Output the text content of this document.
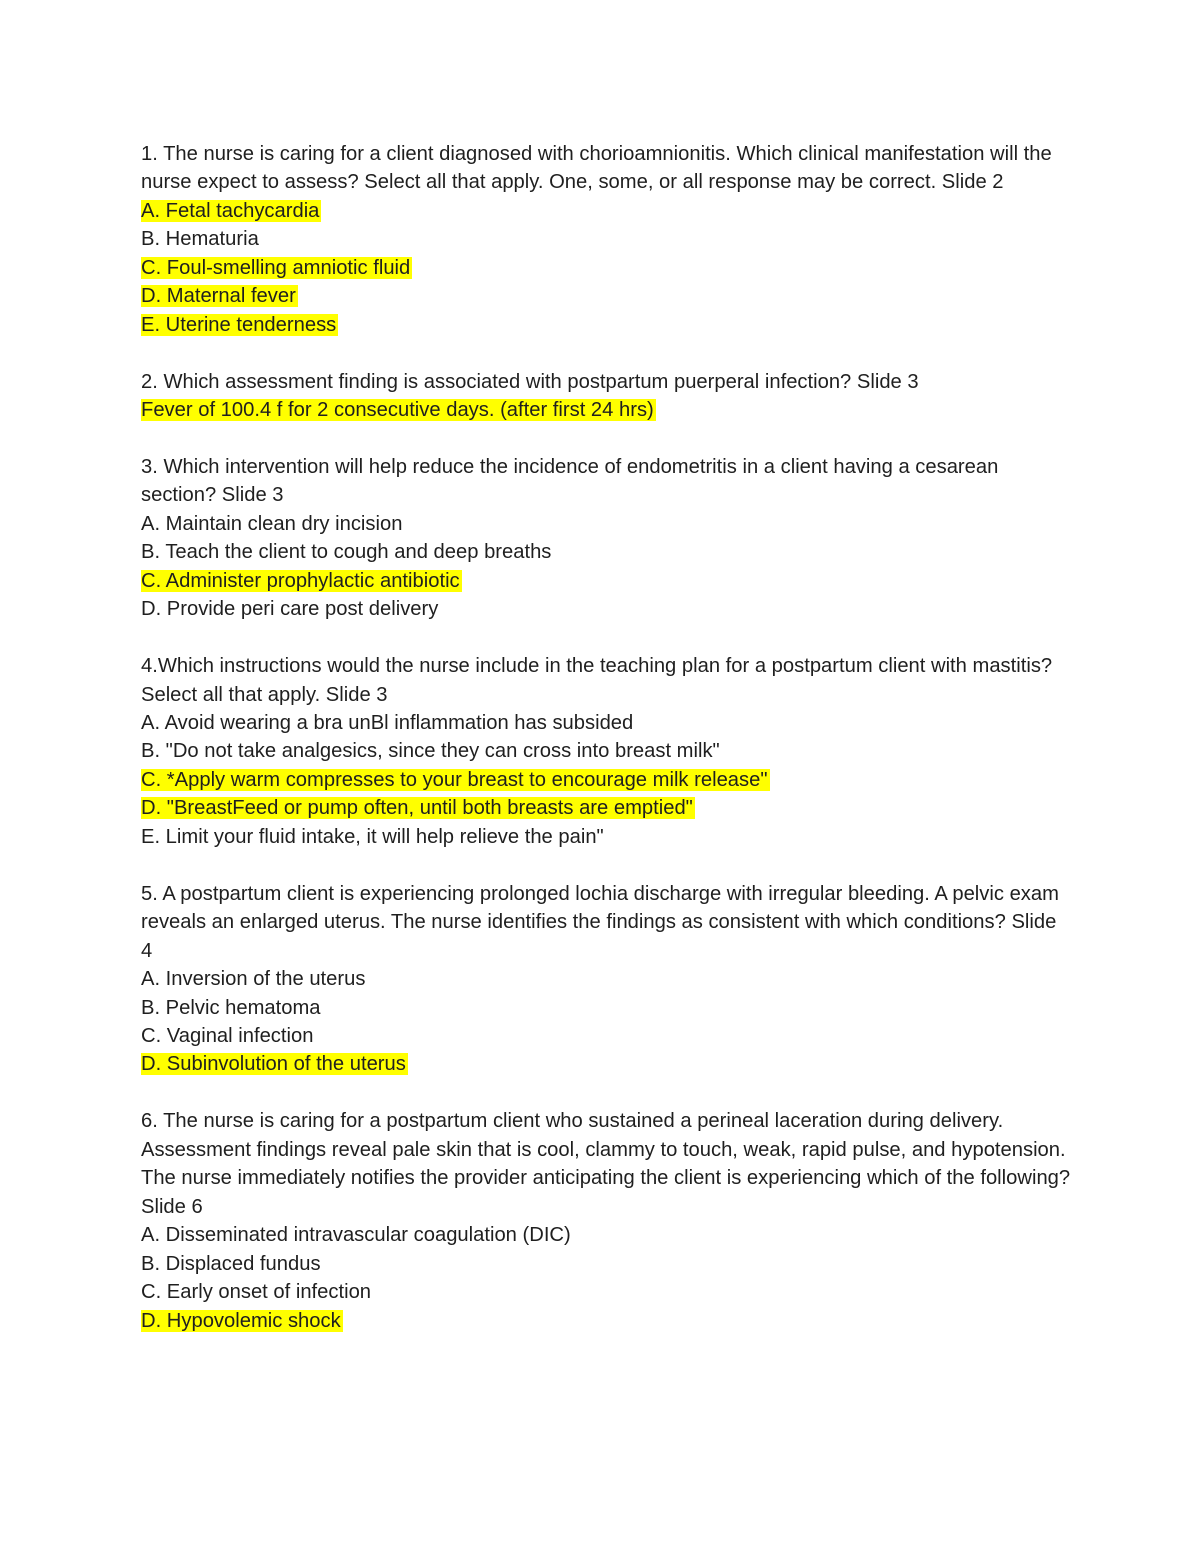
1. The nurse is caring for a client diagnosed with chorioamnionitis. Which clinical manifestation will the nurse expect to assess? Select all that apply. One, some, or all response may be correct. Slide 2
A. Fetal tachycardia
B. Hematuria
C. Foul-smelling amniotic fluid
D. Maternal fever
E. Uterine tenderness
2. Which assessment finding is associated with postpartum puerperal infection? Slide 3
Fever of 100.4 f for 2 consecutive days. (after first 24 hrs)
3. Which intervention will help reduce the incidence of endometritis in a client having a cesarean section? Slide 3
A. Maintain clean dry incision
B. Teach the client to cough and deep breaths
C. Administer prophylactic antibiotic
D. Provide peri care post delivery
4.Which instructions would the nurse include in the teaching plan for a postpartum client with mastitis? Select all that apply. Slide 3
A. Avoid wearing a bra unBl inflammation has subsided
B. "Do not take analgesics, since they can cross into breast milk"
C. *Apply warm compresses to your breast to encourage milk release"
D. "BreastFeed or pump often, until both breasts are emptied"
E. Limit your fluid intake, it will help relieve the pain"
5. A postpartum client is experiencing prolonged lochia discharge with irregular bleeding. A pelvic exam reveals an enlarged uterus. The nurse identifies the findings as consistent with which conditions? Slide 4
A. Inversion of the uterus
B. Pelvic hematoma
C. Vaginal infection
D. Subinvolution of the uterus
6. The nurse is caring for a postpartum client who sustained a perineal laceration during delivery. Assessment findings reveal pale skin that is cool, clammy to touch, weak, rapid pulse, and hypotension. The nurse immediately notifies the provider anticipating the client is experiencing which of the following? Slide 6
A. Disseminated intravascular coagulation (DIC)
B. Displaced fundus
C. Early onset of infection
D. Hypovolemic shock
